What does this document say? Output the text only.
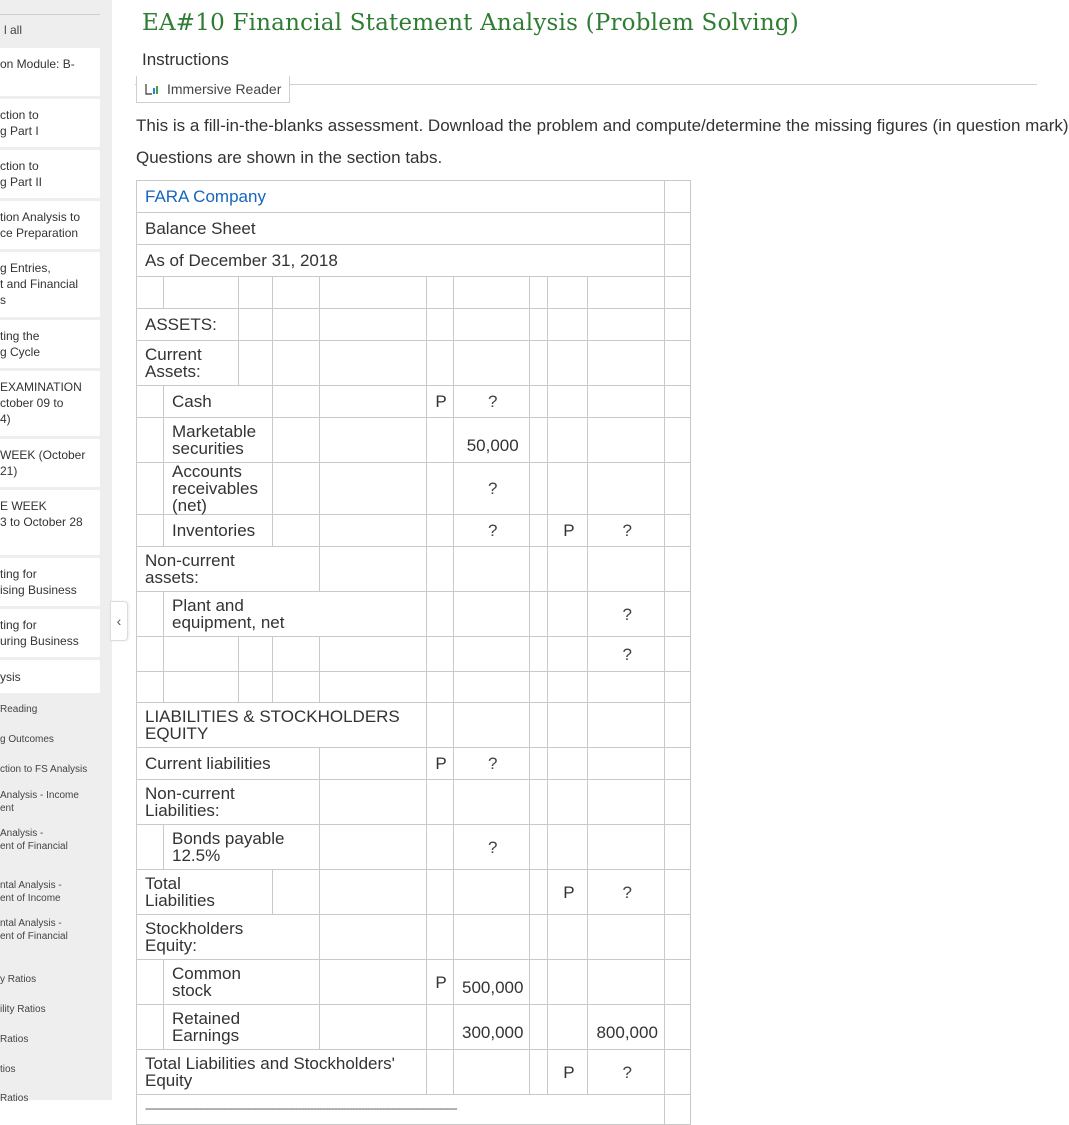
l all
on Module: B-
ction to
g Part I
ction to
g Part II
tion Analysis to
ce Preparation
g Entries,
t and Financial
s
ting the
g Cycle
EXAMINATION
ctober 09 to
4)
WEEK (October
21)
E WEEK
3 to October 28
ting for
ising Business
ting for
uring Business
ysis
Reading
g Outcomes
ction to FS Analysis
Analysis - Income
ent
Analysis -
ent of Financial
ntal Analysis -
ent of Income
ntal Analysis -
ent of Financial
y Ratios
ility Ratios
Ratios
tios
Ratios
‹
EA#10 Financial Statement Analysis (Problem Solving)
Instructions
Immersive Reader
This is a fill-in-the-blanks assessment. Download the problem and compute/determine the missing figures (in question mark)
Questions are shown in the section tabs.
FARA Company										
Balance Sheet										
As of December 31, 2018										

ASSETS:										
Current
Assets:										
	Cash				P	?				
	Marketable
securities					50,000				
	Accounts
receivables (net)					?				
	Inventories					?		P	?	
Non-current
assets:										
	Plant and
equipment, net								?	
									?	

LIABILITIES & STOCKHOLDERS
EQUITY										
Current liabilities					P	?				
Non-current
Liabilities:										
	Bonds payable
12.5%					?				
Total
Liabilities								P	?	
Stockholders
Equity:										
	Common
stock				P	500,000				
	Retained
Earnings					300,000			800,000	
Total Liabilities and Stockholders'
Equity								P	?	
--------------------------------------------------------------------------------------------------------										
